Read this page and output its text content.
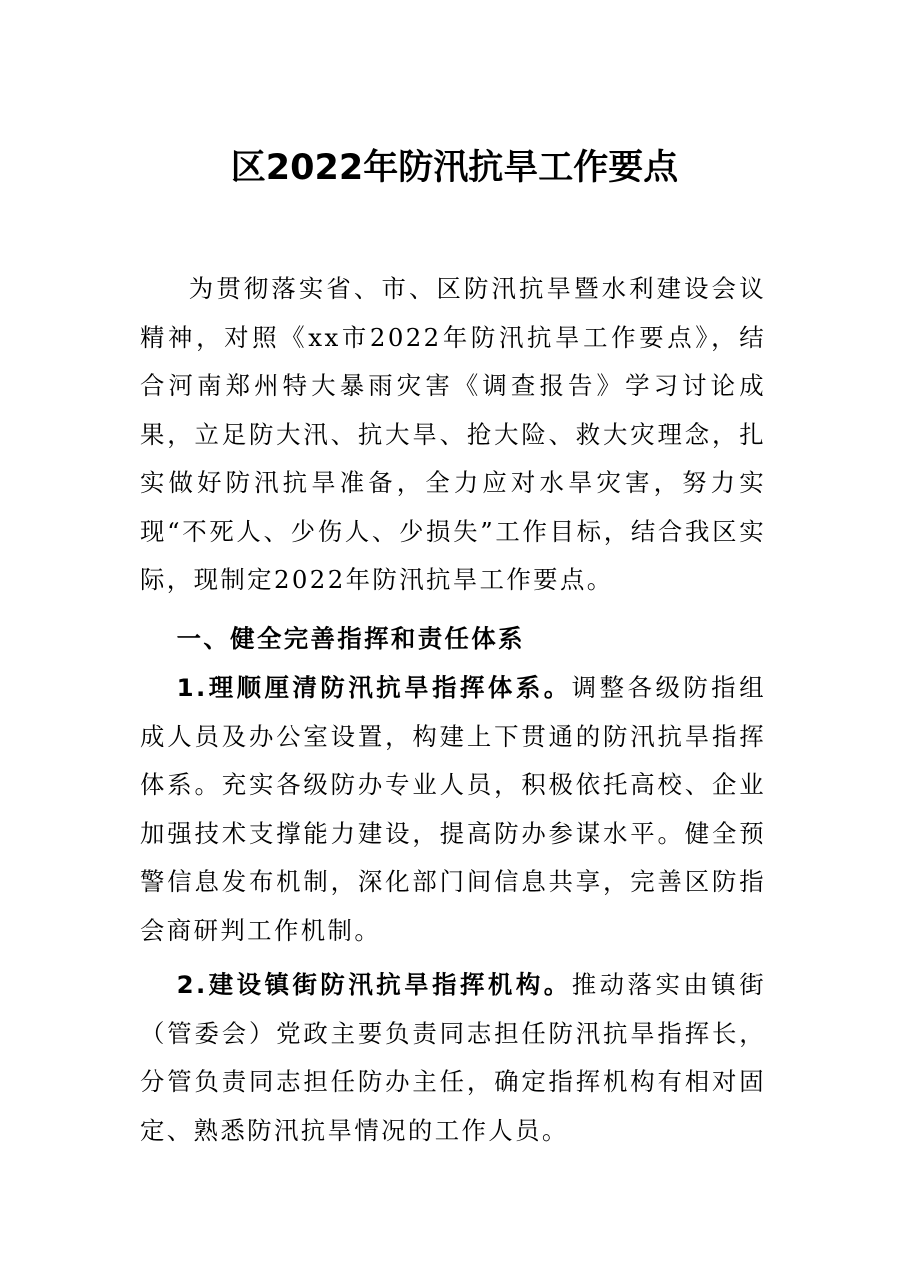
区2022年防汛抗旱工作要点

为贯彻落实省、市、区防汛抗旱暨水利建设会议精神，对照《xx市2022年防汛抗旱工作要点》，结合河南郑州特大暴雨灾害《调查报告》学习讨论成果，立足防大汛、抗大旱、抢大险、救大灾理念，扎实做好防汛抗旱准备，全力应对水旱灾害，努力实现“不死人、少伤人、少损失”工作目标，结合我区实际，现制定2022年防汛抗旱工作要点。

一、健全完善指挥和责任体系

1.理顺厘清防汛抗旱指挥体系。调整各级防指组成人员及办公室设置，构建上下贯通的防汛抗旱指挥体系。充实各级防办专业人员，积极依托高校、企业加强技术支撑能力建设，提高防办参谋水平。健全预警信息发布机制，深化部门间信息共享，完善区防指会商研判工作机制。

2.建设镇街防汛抗旱指挥机构。推动落实由镇街（管委会）党政主要负责同志担任防汛抗旱指挥长，分管负责同志担任防办主任，确定指挥机构有相对固定、熟悉防汛抗旱情况的工作人员。
